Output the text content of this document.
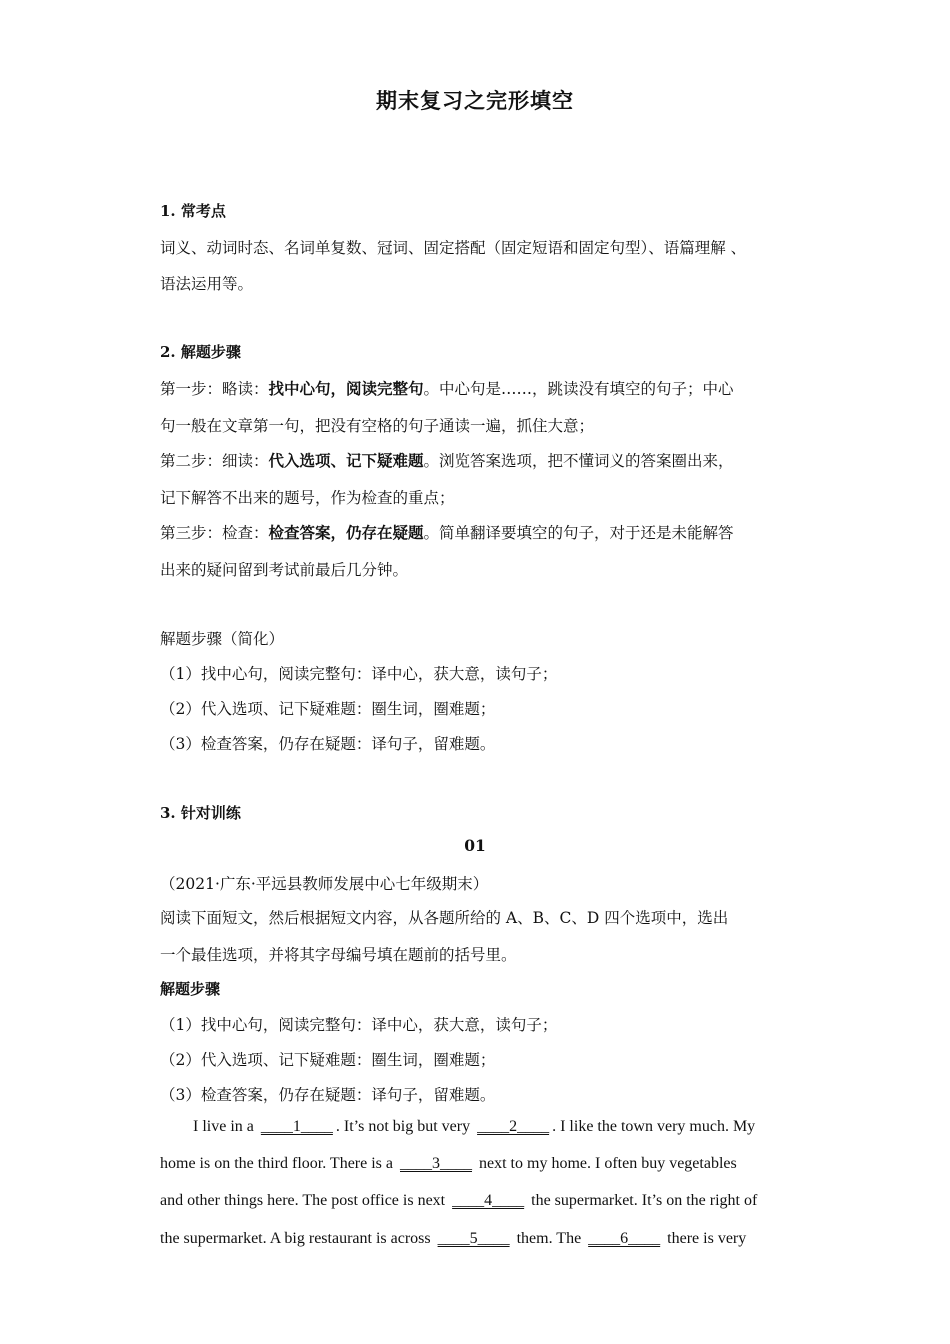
期末复习之完形填空
1. 常考点
词义、动词时态、名词单复数、冠词、固定搭配（固定短语和固定句型）、语篇理解 、
语法运用等。
2. 解题步骤
第一步：略读：找中心句，阅读完整句。中心句是……，跳读没有填空的句子；中心
句一般在文章第一句，把没有空格的句子通读一遍，抓住大意；
第二步：细读：代入选项、记下疑难题。浏览答案选项，把不懂词义的答案圈出来，
记下解答不出来的题号，作为检查的重点；
第三步：检查：检查答案，仍存在疑题。简单翻译要填空的句子，对于还是未能解答
出来的疑问留到考试前最后几分钟。
解题步骤（简化）
（1）找中心句，阅读完整句：译中心，获大意，读句子；
（2）代入选项、记下疑难题：圈生词，圈难题；
（3）检查答案，仍存在疑题：译句子，留难题。
3. 针对训练
01
（2021·广东·平远县教师发展中心七年级期末）
阅读下面短文，然后根据短文内容，从各题所给的 A、B、C、D 四个选项中，选出
一个最佳选项，并将其字母编号填在题前的括号里。
解题步骤
（1）找中心句，阅读完整句：译中心，获大意，读句子；
（2）代入选项、记下疑难题：圈生词，圈难题；
（3）检查答案，仍存在疑题：译句子，留难题。
I live in a ____1____ . It’s not big but very ____2____ . I like the town very much. My
home is on the third floor. There is a ____3____ next to my home. I often buy vegetables
and other things here. The post office is next ____4____ the supermarket. It’s on the right of
the supermarket. A big restaurant is across ____5____ them. The ____6____ there is very
